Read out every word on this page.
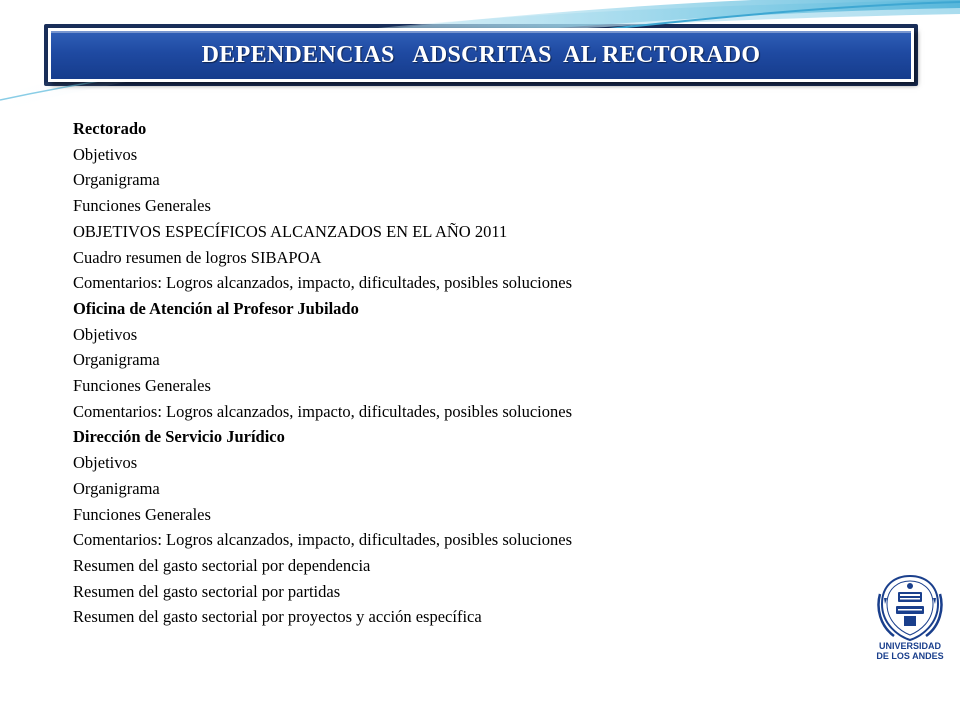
DEPENDENCIAS   ADSCRITAS  AL RECTORADO
Rectorado
Objetivos
Organigrama
Funciones Generales
OBJETIVOS ESPECÍFICOS ALCANZADOS EN EL AÑO 2011
Cuadro resumen de logros SIBAPOA
Comentarios: Logros alcanzados, impacto, dificultades, posibles soluciones
Oficina de Atención al Profesor Jubilado
Objetivos
Organigrama
Funciones Generales
Comentarios: Logros alcanzados, impacto, dificultades, posibles soluciones
Dirección de Servicio Jurídico
Objetivos
Organigrama
Funciones Generales
Comentarios: Logros alcanzados, impacto, dificultades, posibles soluciones
Resumen del gasto sectorial por dependencia
Resumen del gasto sectorial por partidas
Resumen del gasto sectorial por proyectos y acción específica
UNIVERSIDAD
DE LOS ANDES
